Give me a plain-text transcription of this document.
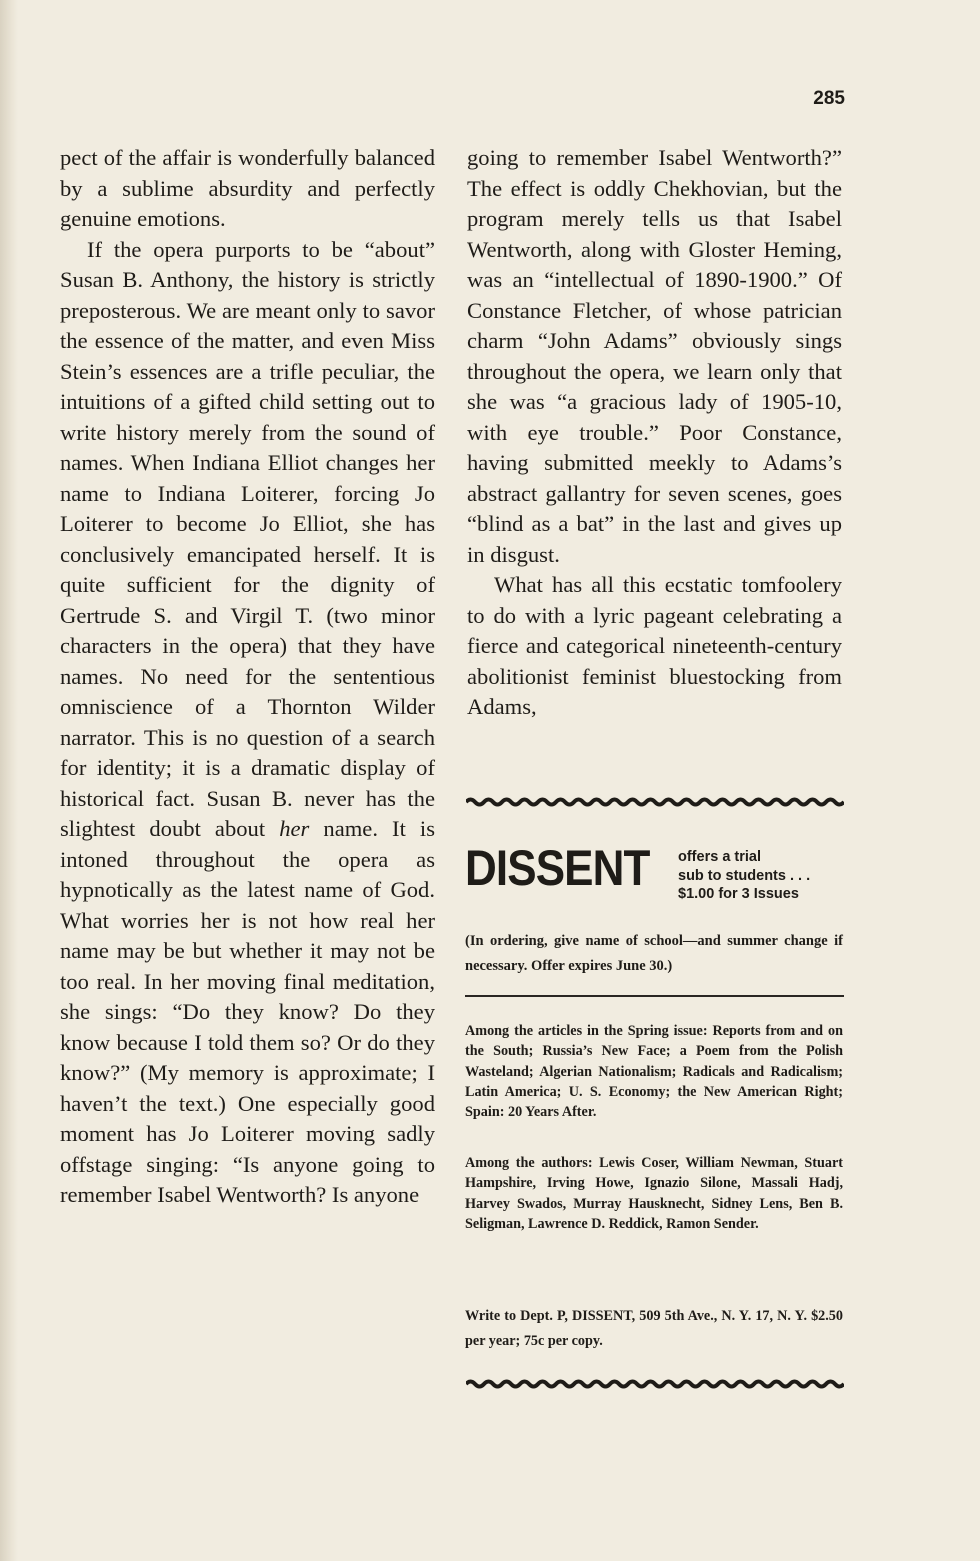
285

pect of the affair is wonderfully balanced by a sublime absurdity and perfectly genuine emotions.

If the opera purports to be “about” Susan B. Anthony, the history is strictly preposterous. We are meant only to savor the essence of the matter, and even Miss Stein’s essences are a trifle peculiar, the intuitions of a gifted child setting out to write history merely from the sound of names. When Indiana Elliot changes her name to Indiana Loiterer, forcing Jo Loiterer to become Jo Elliot, she has conclusively emancipated herself. It is quite sufficient for the dignity of Gertrude S. and Virgil T. (two minor characters in the opera) that they have names. No need for the sententious omniscience of a Thornton Wilder narrator. This is no question of a search for identity; it is a dramatic display of historical fact. Susan B. never has the slightest doubt about her name. It is intoned throughout the opera as hypnotically as the latest name of God. What worries her is not how real her name may be but whether it may not be too real. In her moving final meditation, she sings: “Do they know? Do they know because I told them so? Or do they know?” (My memory is approximate; I haven’t the text.) One especially good moment has Jo Loiterer moving sadly offstage singing: “Is anyone going to remember Isabel Wentworth? Is anyone

going to remember Isabel Wentworth?” The effect is oddly Chekhovian, but the program merely tells us that Isabel Wentworth, along with Gloster Heming, was an “intellectual of 1890-1900.” Of Constance Fletcher, of whose patrician charm “John Adams” obviously sings throughout the opera, we learn only that she was “a gracious lady of 1905-10, with eye trouble.” Poor Constance, having submitted meekly to Adams’s abstract gallantry for seven scenes, goes “blind as a bat” in the last and gives up in disgust.

What has all this ecstatic tomfoolery to do with a lyric pageant celebrating a fierce and categorical nineteenth-century abolitionist feminist bluestocking from Adams,

DISSENT offers a trial
sub to students . . .
$1.00 for 3 Issues
(In ordering, give name of school—and summer change if necessary. Offer expires June 30.)
Among the articles in the Spring issue: Reports from and on the South; Russia’s New Face; a Poem from the Polish Wasteland; Algerian Nationalism; Radicals and Radicalism; Latin America; U. S. Economy; the New American Right; Spain: 20 Years After.
Among the authors: Lewis Coser, William Newman, Stuart Hampshire, Irving Howe, Ignazio Silone, Massali Hadj, Harvey Swados, Murray Hausknecht, Sidney Lens, Ben B. Seligman, Lawrence D. Reddick, Ramon Sender.
Write to Dept. P, DISSENT, 509 5th Ave., N. Y. 17, N. Y. $2.50 per year; 75c per copy.
